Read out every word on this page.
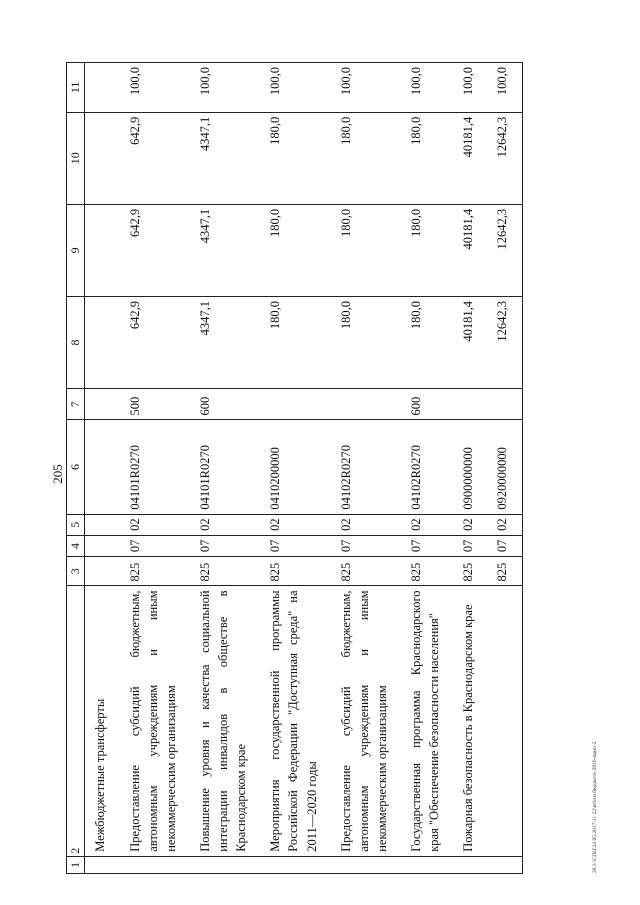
205
1	2	3	4	5	6	7	8	9	10	11
	Межбюджетные трансферты									
	Предоставление субсидий бюджетным, автономным учреждениям и иным некоммерческим организациям	825	07	02	04101R0270	500	642,9	642,9	642,9	100,0
	Повышение уровня и качества социальной интеграции инвалидов в обществе в Краснодарском крае	825	07	02	04101R0270	600	4347,1	4347,1	4347,1	100,0
	Мероприятия государственной программы Российской Федерации "Доступная среда" на 2011—2020 годы	825	07	02	0410200000		180,0	180,0	180,0	100,0
	Предоставление субсидий бюджетным, автономным учреждениям и иным некоммерческим организациям	825	07	02	04102R0270		180,0	180,0	180,0	100,0
	Государственная программа Краснодарского края "Обеспечение безопасности населения"	825	07	02	04102R0270	600	180,0	180,0	180,0	100,0
	Пожарная безопасность в Краснодарском крае	825	07	02	0900000000		40181,4	40181,4	40181,4	100,0
		825	07	02	0920000000		12642,3	12642,3	12642,3	100,0
20.3.\СПЦ\24 05.2017\11 22\итоги бюджета-2016-прил-2
